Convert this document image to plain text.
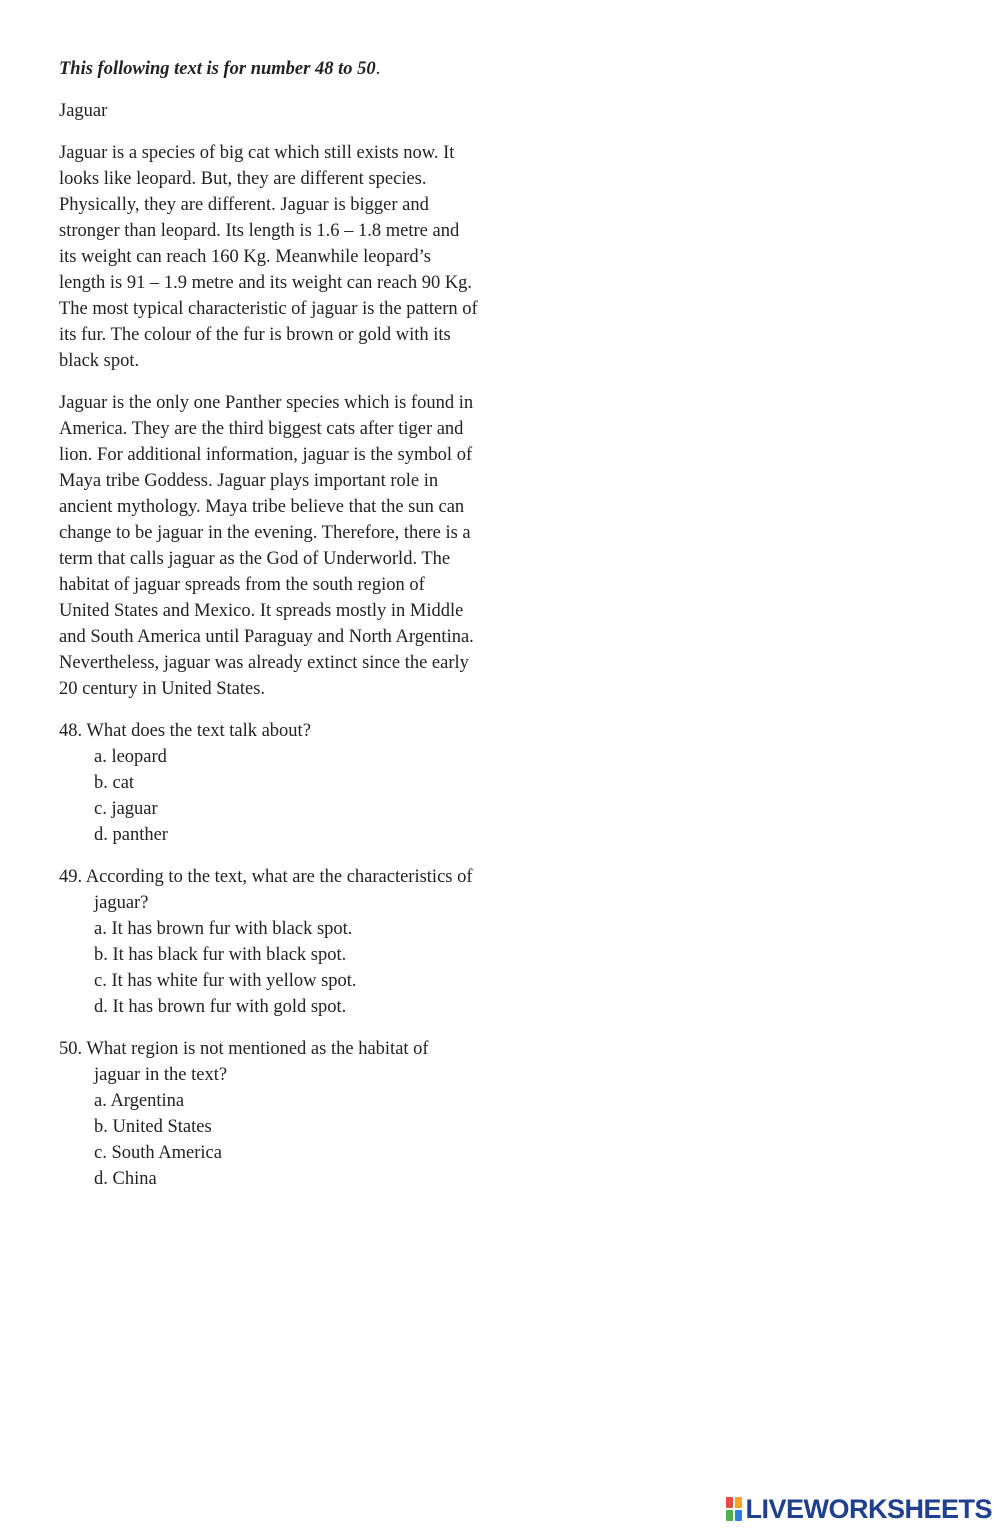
This following text is for number 48 to 50.

Jaguar

Jaguar is a species of big cat which still exists now. It looks like leopard. But, they are different species. Physically, they are different. Jaguar is bigger and stronger than leopard. Its length is 1.6 – 1.8 metre and its weight can reach 160 Kg. Meanwhile leopard’s length is 91 – 1.9 metre and its weight can reach 90 Kg. The most typical characteristic of jaguar is the pattern of its fur. The colour of the fur is brown or gold with its black spot.

Jaguar is the only one Panther species which is found in America. They are the third biggest cats after tiger and lion. For additional information, jaguar is the symbol of Maya tribe Goddess. Jaguar plays important role in ancient mythology. Maya tribe believe that the sun can change to be jaguar in the evening. Therefore, there is a term that calls jaguar as the God of Underworld. The habitat of jaguar spreads from the south region of United States and Mexico. It spreads mostly in Middle and South America until Paraguay and North Argentina. Nevertheless, jaguar was already extinct since the early 20 century in United States.

48. What does the text talk about?
a. leopard
b. cat
c. jaguar
d. panther
49. According to the text, what are the characteristics of jaguar?
a. It has brown fur with black spot.
b. It has black fur with black spot.
c. It has white fur with yellow spot.
d. It has brown fur with gold spot.
50. What region is not mentioned as the habitat of jaguar in the text?
a. Argentina
b. United States
c. South America
d. China
LIVEWORKSHEETS
